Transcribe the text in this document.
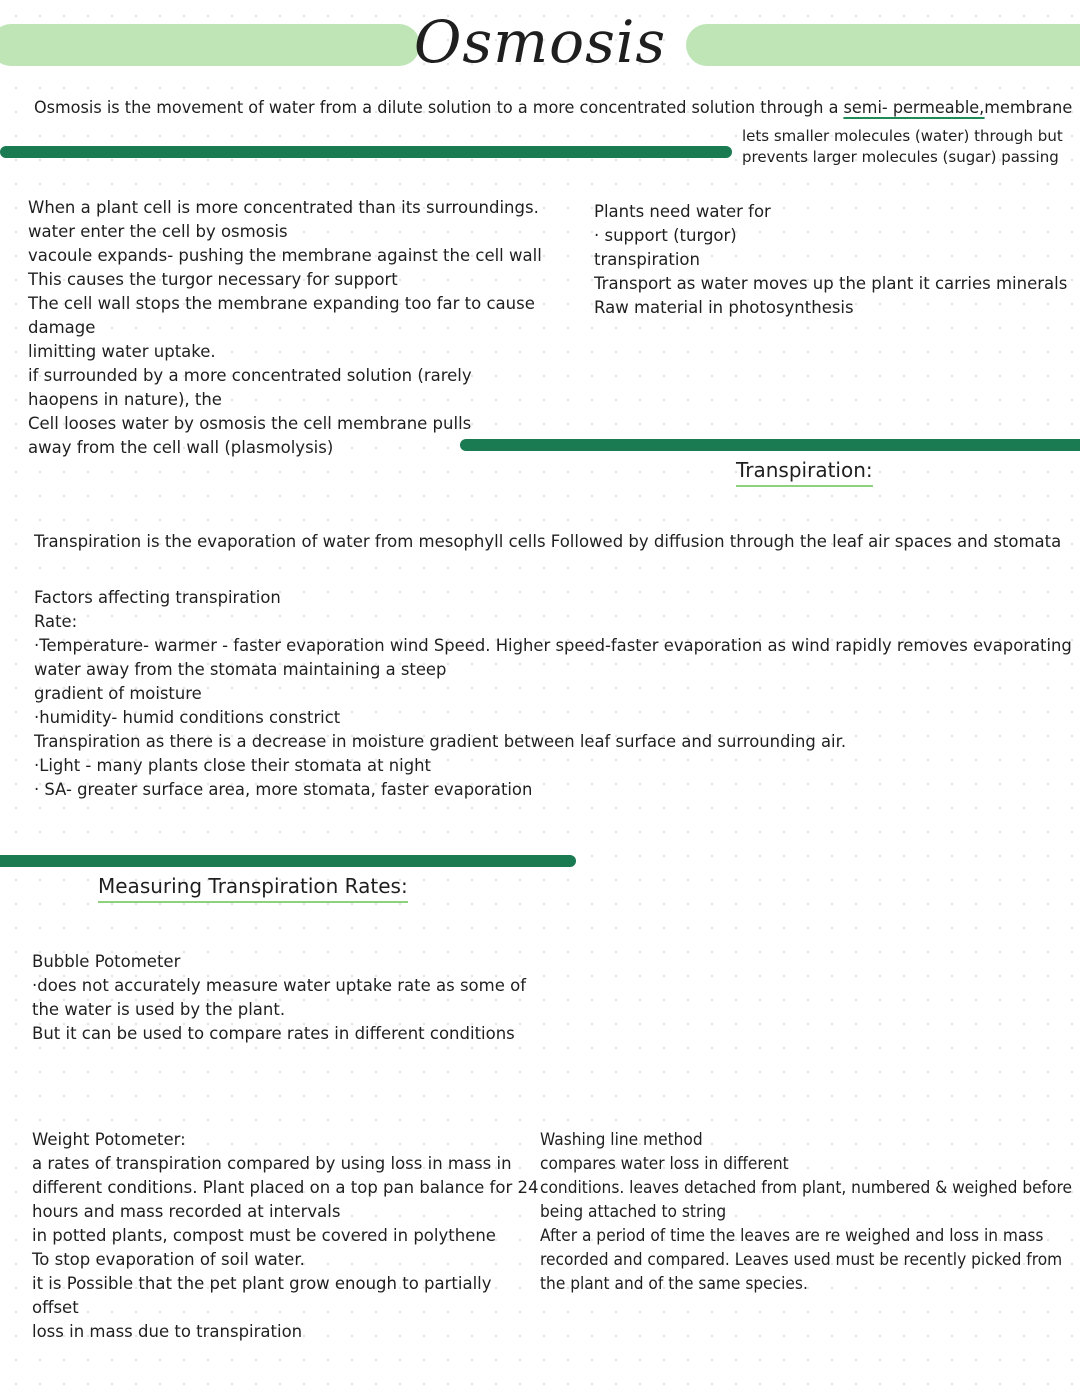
Osmosis
Osmosis is the movement of water from a dilute solution to a more concentrated solution through a semi- permeable,membrane
lets smaller molecules (water) through but
prevents larger molecules (sugar) passing
When a plant cell is more concentrated than its surroundings.
water enter the cell by osmosis
vacoule expands- pushing the membrane against the cell wall
This causes the turgor necessary for support
The cell wall stops the membrane expanding too far to cause
damage
limitting water uptake.
if surrounded by a more concentrated solution (rarely
haopens in nature), the
Cell looses water by osmosis the cell membrane pulls
away from the cell wall (plasmolysis)
Plants need water for
· support (turgor)
transpiration
Transport as water moves up the plant it carries minerals
Raw material in photosynthesis
Transpiration:
Transpiration is the evaporation of water from mesophyll cells Followed by diffusion through the leaf air spaces and stomata
Factors affecting transpiration
Rate:
·Temperature- warmer - faster evaporation wind Speed. Higher speed-faster evaporation as wind rapidly removes evaporating
water away from the stomata maintaining a steep
gradient of moisture
·humidity- humid conditions constrict
Transpiration as there is a decrease in moisture gradient between leaf surface and surrounding air.
·Light - many plants close their stomata at night
· SA- greater surface area, more stomata, faster evaporation
Measuring Transpiration Rates:
Bubble Potometer
·does not accurately measure water uptake rate as some of
the water is used by the plant.
But it can be used to compare rates in different conditions
Weight Potometer:
a rates of transpiration compared by using loss in mass in
different conditions. Plant placed on a top pan balance for 24
hours and mass recorded at intervals
in potted plants, compost must be covered in polythene
To stop evaporation of soil water.
it is Possible that the pet plant grow enough to partially
offset
loss in mass due to transpiration
Washing line method
compares water loss in different
conditions. leaves detached from plant, numbered & weighed before
being attached to string
After a period of time the leaves are re weighed and loss in mass
recorded and compared. Leaves used must be recently picked from
the plant and of the same species.
